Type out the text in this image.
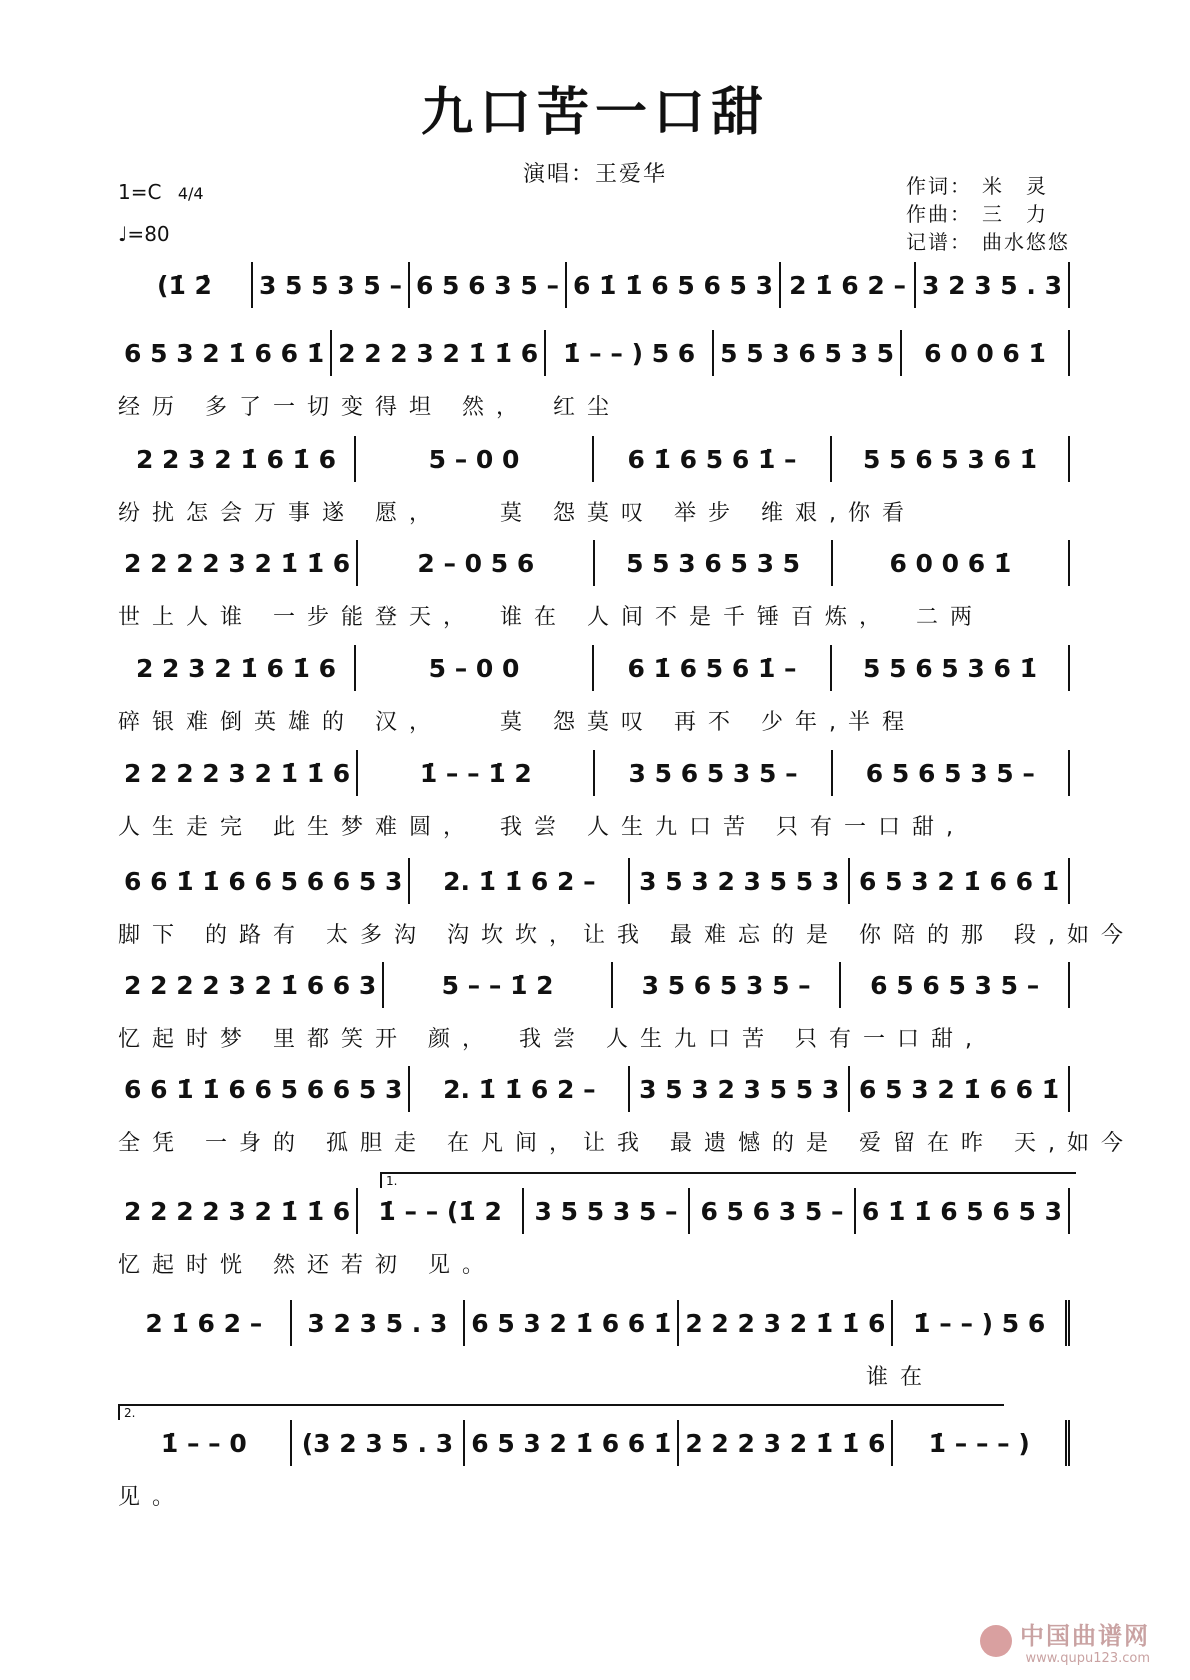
九口苦一口甜
演唱：王爱华
1=C 4/4
♩=80
作词： 米　灵
作曲： 三　力
记谱： 曲水悠悠
(1̇ 2̇	3 5 5 3 5 – 6 5 6 3 5 – 6 1̇ 1̇ 6 5 6 5 3 2 1̇ 6 2 – 3 2 3 5 . 3
6 5 3 2 1̇ 6 6 1̇ 2 2 2 3 2 1̇ 1̇ 6 1̇ – – ) 5 6 5 5 3 6 5 3 5	6 0 0 6 1̇
经历 多了一切变得坦 然，　红尘
2 2 3 2 1̇ 6 1̇ 6	5 – 0 0	6 1̇ 6 5 6 1̇ –	5 5 6 5 3 6 1̇
纷扰怎会万事遂 愿，　　莫 怨莫叹 举步 维艰,你看
2 2 2 2 3 2 1̇ 1̇ 6	2 – 0 5 6	5 5 3 6 5 3 5	6 0 0 6 1̇
世上人谁 一步能登天，　谁在 人间不是千锤百炼，　二两
2 2 3 2 1̇ 6 1̇ 6	5 – 0 0	6 1̇ 6 5 6 1̇ –	5 5 6 5 3 6 1̇
碎银难倒英雄的 汉，　　莫 怨莫叹 再不 少年,半程
2 2 2 2 3 2 1̇ 1̇ 6	1̇ – – 1̇ 2	3 5 6 5 3 5 –	6 5 6 5 3 5 –
人生走完 此生梦难圆，　我尝 人生九口苦 只有一口甜,
6 6 1̇ 1̇ 6 6 5 6 6 5 3	2. 1̇ 1̇ 6 2 –	3 5 3 2 3 5 5 3 6 5 3 2 1̇ 6 6 1̇
脚下 的路有 太多沟 沟坎坎，让我 最难忘的是 你陪的那 段,如今
2 2 2 2 3 2 1̇ 6 6 3	5 – – 1̇ 2	3 5 6 5 3 5 –	6 5 6 5 3 5 –
忆起时梦 里都笑开 颜，　我尝 人生九口苦 只有一口甜,
6 6 1̇ 1̇ 6 6 5 6 6 5 3	2. 1̇ 1̇ 6 2 –	3 5 3 2 3 5 5 3 6 5 3 2 1̇ 6 6 1̇
全凭 一身的 孤胆走 在凡间，让我 最遗憾的是 爱留在昨 天,如今
2 2 2 2 3 2 1̇ 1̇ 6	1̇ – – (1̇ 2	3 5 5 3 5 – 6 5 6 3 5 – 6 1̇ 1̇ 6 5 6 5 3
1.
忆起时恍 然还若初 见。
2 1̇ 6 2 –	3 2 3 5 . 3 6 5 3 2 1̇ 6 6 1̇ 2 2 2 3 2 1̇ 1̇ 6	1̇ – – ) 5 6
　　　　　　　　　　　　　　　　　　　　　　谁在
1̇ – – 0	(3 2 3 5 . 3 6 5 3 2 1̇ 6 6 1̇ 2 2 2 3 2 1̇ 1̇ 6	1̇ – – – )
2.
见。
中国曲谱网
www.qupu123.com
